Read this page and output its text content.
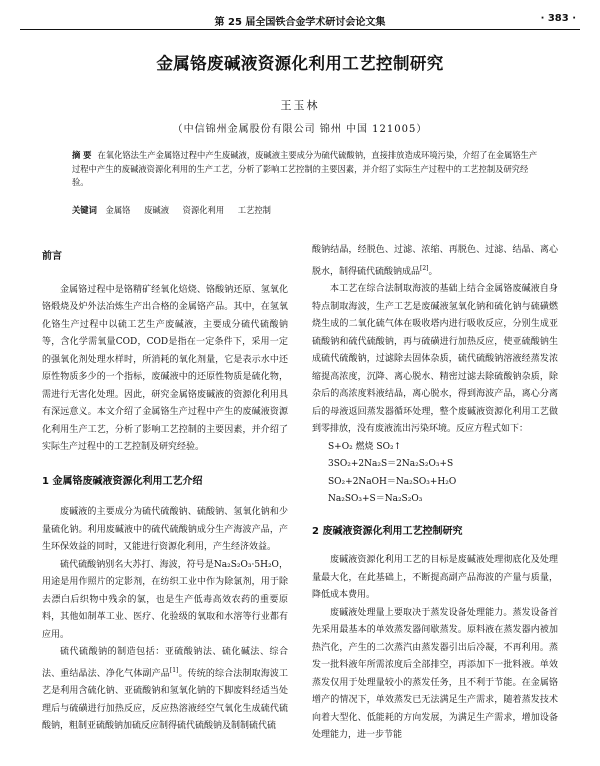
第 25 届全国铁合金学术研讨会论文集	· 383 ·
金属铬废碱液资源化利用工艺控制研究
王玉林
（中信锦州金属股份有限公司 锦州 中国 121005）
摘 要 在氧化铬法生产金属铬过程中产生废碱液，废碱液主要成分为硫代硫酸钠，直接排放造成环境污染，介绍了在金属铬生产过程中产生的废碱液资源化利用的生产工艺，分析了影响工艺控制的主要因素，并介绍了实际生产过程中的工艺控制及研究经验。
关键词 金属铬 废碱液 资源化利用 工艺控制

前言

金属铬过程中是铬精矿经氧化焙烧、铬酸钠还原、氢氧化铬煅烧及炉外法冶炼生产出合格的金属铬产品。其中，在氢氧化铬生产过程中以硫工艺生产废碱液，主要成分硫代硫酸钠等，含化学需氧量COD，COD是指在一定条件下，采用一定的强氧化剂处理水样时，所消耗的氧化剂量，它是表示水中还原性物质多少的一个指标，废碱液中的还原性物质是硫化物，需进行无害化处理。因此，研究金属铬废碱液的资源化利用具有深远意义。本文介绍了金属铬生产过程中产生的废碱液资源化利用生产工艺，分析了影响工艺控制的主要因素，并介绍了实际生产过程中的工艺控制及研究经验。

1 金属铬废碱液资源化利用工艺介绍

废碱液的主要成分为硫代硫酸钠、硫酸钠、氢氧化钠和少量硫化钠。利用废碱液中的硫代硫酸钠成分生产海波产品，产生环保效益的同时，又能进行资源化利用，产生经济效益。

硫代硫酸钠别名大苏打、海波，符号是Na₂S₂O₃·5H₂O，用途是用作照片的定影剂，在纺织工业中作为除氯剂，用于除去漂白后织物中残余的氯，也是生产低毒高效农药的重要原料，其他如制革工业、医疗、化验级的氧取和水溶等行业都有应用。

硫代硫酸钠的制造包括：亚硫酸钠法、硫化碱法、综合法、重结晶法、净化气体副产品[1]。传统的综合法制取海波工艺是利用含硫化钠、亚硫酸钠和氢氧化钠的下脚废料经适当处理后与硫磺进行加热反应，反应热溶液经空气氧化生成硫代硫酸钠，粗制亚硫酸钠加硫反应制得硫代硫酸钠及制制硫代硫

酸钠结晶，经脱色、过滤、浓缩、再脱色、过滤、结晶、离心脱水，制得硫代硫酸钠成品[2]。

本工艺在综合法制取海波的基础上结合金属铬废碱液自身特点制取海波，生产工艺是废碱液氢氧化钠和硫化钠与硫磺燃烧生成的二氧化硫气体在吸收塔内进行吸收反应，分别生成亚硫酸钠和硫代硫酸钠，再与硫磺进行加热反应，使亚硫酸钠生成硫代硫酸钠，过滤除去固体杂质，硫代硫酸钠溶液经蒸发浓缩提高浓度，沉降、离心脱水、精密过滤去除硫酸钠杂质，除杂后的高浓度料液结晶，离心脱水，得到海波产品，离心分离后的母液返回蒸发器循环处理，整个废碱液资源化利用工艺做到零排放，没有废液流出污染环境。反应方程式如下：

S+O₂ 燃烧 SO₂↑
3SO₂+2Na₂S＝2Na₂S₂O₃+S
SO₂+2NaOH＝Na₂SO₃+H₂O
Na₂SO₃+S＝Na₂S₂O₃

2 废碱液资源化利用工艺控制研究

废碱液资源化利用工艺的目标是废碱液处理彻底化及处理量最大化，在此基础上，不断提高副产品海波的产量与质量，降低成本费用。

废碱液处理量上要取决于蒸发设备处理能力。蒸发设备首先采用最基本的单效蒸发器间歇蒸发。原料液在蒸发器内被加热汽化，产生的二次蒸汽由蒸发器引出后冷凝，不再利用。蒸发一批料液年所需浓度后全部排空，再添加下一批料液。单效蒸发仅用于处理量较小的蒸发任务，且不利于节能。在金属铬增产的情况下，单效蒸发已无法满足生产需求，随着蒸发技术向着大型化、低能耗的方向发展，为满足生产需求，增加设备处理能力，进一步节能
